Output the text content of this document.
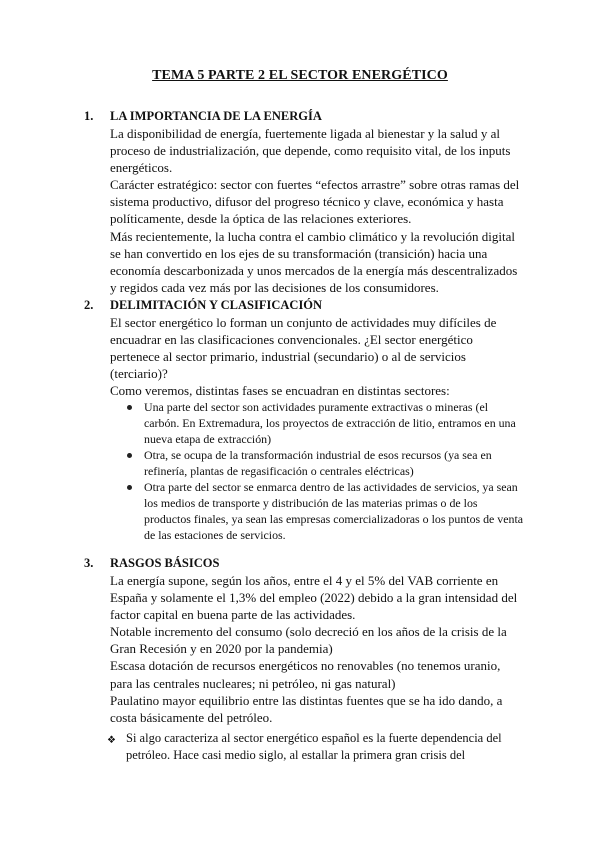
TEMA 5 PARTE 2 EL SECTOR ENERGÉTICO
1. LA IMPORTANCIA DE LA ENERGÍA
La disponibilidad de energía, fuertemente ligada al bienestar y la salud y al proceso de industrialización, que depende, como requisito vital, de los inputs energéticos.
Carácter estratégico: sector con fuertes “efectos arrastre” sobre otras ramas del sistema productivo, difusor del progreso técnico y clave, económica y hasta políticamente, desde la óptica de las relaciones exteriores.
Más recientemente, la lucha contra el cambio climático y la revolución digital se han convertido en los ejes de su transformación (transición) hacia una economía descarbonizada y unos mercados de la energía más descentralizados y regidos cada vez más por las decisiones de los consumidores.
2. DELIMITACIÓN Y CLASIFICACIÓN
El sector energético lo forman un conjunto de actividades muy difíciles de encuadrar en las clasificaciones convencionales. ¿El sector energético pertenece al sector primario, industrial (secundario) o al de servicios (terciario)?
Como veremos, distintas fases se encuadran en distintas sectores:
Una parte del sector son actividades puramente extractivas o mineras (el carbón. En Extremadura, los proyectos de extracción de litio, entramos en una nueva etapa de extracción)
Otra, se ocupa de la transformación industrial de esos recursos (ya sea en refinería, plantas de regasificación o centrales eléctricas)
Otra parte del sector se enmarca dentro de las actividades de servicios, ya sean los medios de transporte y distribución de las materias primas o de los productos finales, ya sean las empresas comercializadoras o los puntos de venta de las estaciones de servicios.
3. RASGOS BÁSICOS
La energía supone, según los años, entre el 4 y el 5% del VAB corriente en España y solamente el 1,3% del empleo (2022) debido a la gran intensidad del factor capital en buena parte de las actividades.
Notable incremento del consumo (solo decreció en los años de la crisis de la Gran Recesión y en 2020 por la pandemia)
Escasa dotación de recursos energéticos no renovables (no tenemos uranio, para las centrales nucleares; ni petróleo, ni gas natural)
Paulatino mayor equilibrio entre las distintas fuentes que se ha ido dando, a costa básicamente del petróleo.
❖ Si algo caracteriza al sector energético español es la fuerte dependencia del petróleo. Hace casi medio siglo, al estallar la primera gran crisis del
